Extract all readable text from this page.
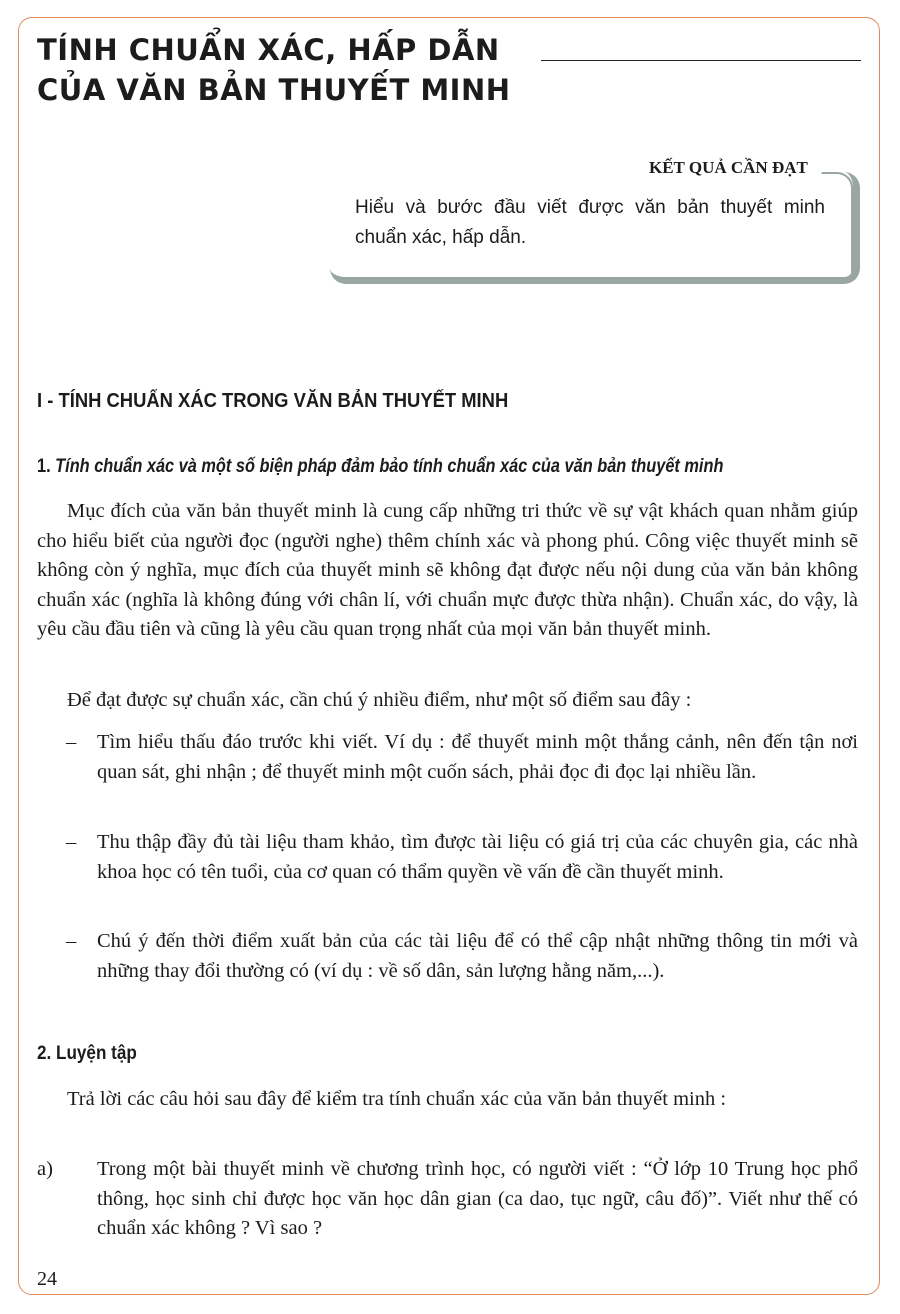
TÍNH CHUẨN XÁC, HẤP DẪN
CỦA VĂN BẢN THUYẾT MINH
KẾT QUẢ CẦN ĐẠT

Hiểu và bước đầu viết được văn bản thuyết minh chuẩn xác, hấp dẫn.

I - TÍNH CHUẨN XÁC TRONG VĂN BẢN THUYẾT MINH
1. Tính chuẩn xác và một số biện pháp đảm bảo tính chuẩn xác của văn bản thuyết minh

Mục đích của văn bản thuyết minh là cung cấp những tri thức về sự vật khách quan nhằm giúp cho hiểu biết của người đọc (người nghe) thêm chính xác và phong phú. Công việc thuyết minh sẽ không còn ý nghĩa, mục đích của thuyết minh sẽ không đạt được nếu nội dung của văn bản không chuẩn xác (nghĩa là không đúng với chân lí, với chuẩn mực được thừa nhận). Chuẩn xác, do vậy, là yêu cầu đầu tiên và cũng là yêu cầu quan trọng nhất của mọi văn bản thuyết minh.

Để đạt được sự chuẩn xác, cần chú ý nhiều điểm, như một số điểm sau đây :

– Tìm hiểu thấu đáo trước khi viết. Ví dụ : để thuyết minh một thắng cảnh, nên đến tận nơi quan sát, ghi nhận ; để thuyết minh một cuốn sách, phải đọc đi đọc lại nhiều lần.
– Thu thập đầy đủ tài liệu tham khảo, tìm được tài liệu có giá trị của các chuyên gia, các nhà khoa học có tên tuổi, của cơ quan có thẩm quyền về vấn đề cần thuyết minh.
– Chú ý đến thời điểm xuất bản của các tài liệu để có thể cập nhật những thông tin mới và những thay đổi thường có (ví dụ : về số dân, sản lượng hằng năm,...).
2. Luyện tập

Trả lời các câu hỏi sau đây để kiểm tra tính chuẩn xác của văn bản thuyết minh :

a) Trong một bài thuyết minh về chương trình học, có người viết : “Ở lớp 10 Trung học phổ thông, học sinh chỉ được học văn học dân gian (ca dao, tục ngữ, câu đố)”. Viết như thế có chuẩn xác không ? Vì sao ?
24
